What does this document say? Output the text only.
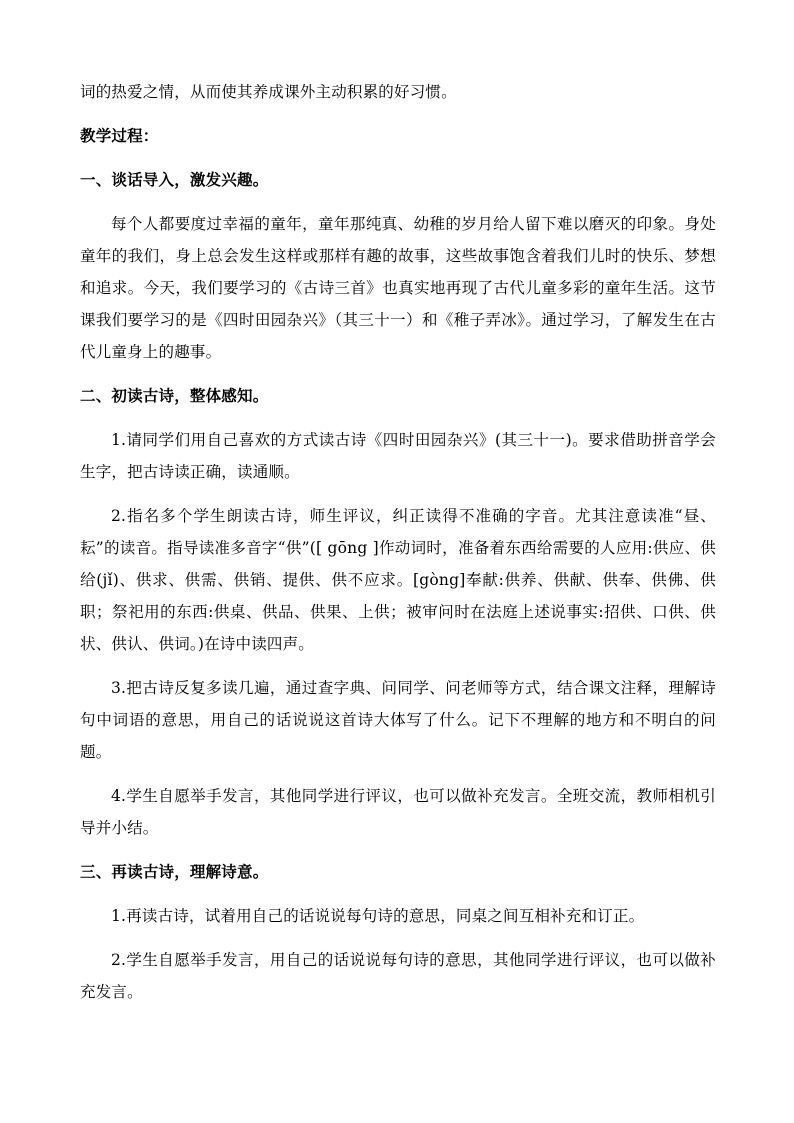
词的热爱之情，从而使其养成课外主动积累的好习惯。

教学过程：

一、谈话导入，激发兴趣。

每个人都要度过幸福的童年，童年那纯真、幼稚的岁月给人留下难以磨灭的印象。身处童年的我们，身上总会发生这样或那样有趣的故事，这些故事饱含着我们儿时的快乐、梦想和追求。今天，我们要学习的《古诗三首》也真实地再现了古代儿童多彩的童年生活。这节课我们要学习的是《四时田园杂兴》（其三十一）和《稚子弄冰》。通过学习，了解发生在古代儿童身上的趣事。

二、初读古诗，整体感知。

1.请同学们用自己喜欢的方式读古诗《四时田园杂兴》(其三十一)。要求借助拼音学会生字，把古诗读正确，读通顺。

2.指名多个学生朗读古诗，师生评议，纠正读得不准确的字音。尤其注意读准“昼、耘”的读音。指导读准多音字“供”([ gōng ]作动词时，准备着东西给需要的人应用:供应、供给(jǐ)、供求、供需、供销、提供、供不应求。[gòng]奉献:供养、供献、供奉、供佛、供职；祭祀用的东西:供桌、供品、供果、上供；被审问时在法庭上述说事实:招供、口供、供状、供认、供词。)在诗中读四声。

3.把古诗反复多读几遍，通过查字典、问同学、问老师等方式，结合课文注释，理解诗句中词语的意思，用自己的话说说这首诗大体写了什么。记下不理解的地方和不明白的问题。

4.学生自愿举手发言，其他同学进行评议，也可以做补充发言。全班交流，教师相机引导并小结。

三、再读古诗，理解诗意。

1.再读古诗，试着用自己的话说说每句诗的意思，同桌之间互相补充和订正。

2.学生自愿举手发言，用自己的话说说每句诗的意思，其他同学进行评议，也可以做补充发言。
